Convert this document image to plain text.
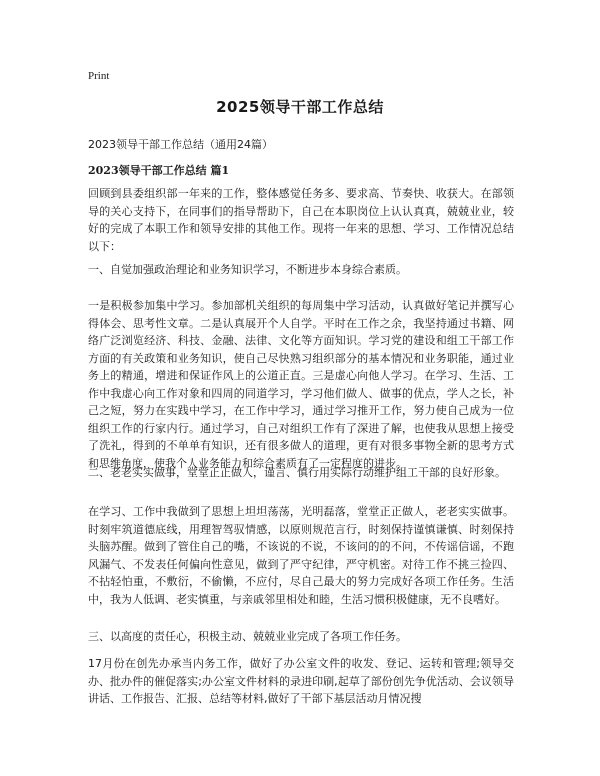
Print
2025领导干部工作总结
2023领导干部工作总结（通用24篇）
2023领导干部工作总结 篇1

回顾到县委组织部一年来的工作，整体感觉任务多、要求高、节奏快、收获大。在部领导的关心支持下，在同事们的指导帮助下，自己在本职岗位上认认真真，兢兢业业，较好的完成了本职工作和领导安排的其他工作。现将一年来的思想、学习、工作情况总结以下：

一、自觉加强政治理论和业务知识学习，不断进步本身综合素质。

一是积极参加集中学习。参加部机关组织的每周集中学习活动，认真做好笔记并撰写心得体会、思考性文章。二是认真展开个人自学。平时在工作之余，我坚持通过书籍、网络广泛浏览经济、科技、金融、法律、文化等方面知识。学习党的建设和组工干部工作方面的有关政策和业务知识，使自己尽快熟习组织部分的基本情况和业务职能，通过业务上的精通，增进和保证作风上的公道正直。三是虚心向他人学习。在学习、生活、工作中我虚心向工作对象和四周的同道学习，学习他们做人、做事的优点，学人之长，补己之短，努力在实践中学习，在工作中学习，通过学习推开工作，努力使自己成为一位组织工作的行家内行。通过学习，自己对组织工作有了深进了解，也使我从思想上接受了洗礼，得到的不单单有知识，还有很多做人的道理，更有对很多事物全新的思考方式和思维角度，使我个人业务能力和综合素质有了一定程度的进步。

二、老老实实做事，堂堂正正做人，谨言、慎行用实际行动维护组工干部的良好形象。

在学习、工作中我做到了思想上坦坦荡荡，光明磊落，堂堂正正做人，老老实实做事。时刻牢筑道德底线，用理智驾驭情感，以原则规范言行，时刻保持谨慎谦慎、时刻保持头脑苏醒。做到了管住自己的嘴，不该说的不说，不该问的的不问，不传谣信谣，不跑风漏气、不发表任何偏向性意见，做到了严守纪律，严守机密。对待工作不挑三捡四、不拈轻怕重，不敷衍，不偷懒，不应付，尽自己最大的努力完成好各项工作任务。生活中，我为人低调、老实慎重，与亲戚邻里相处和睦，生活习惯积极健康，无不良嗜好。

三、以高度的责任心，积极主动、兢兢业业完成了各项工作任务。

17月份在创先办承当内务工作，做好了办公室文件的收发、登记、运转和管理;领导交办、批办件的催促落实;办公室文件材料的录进印刷,起草了部份创先争优活动、会议领导讲话、工作报告、汇报、总结等材料,做好了干部下基层活动月情况搜
